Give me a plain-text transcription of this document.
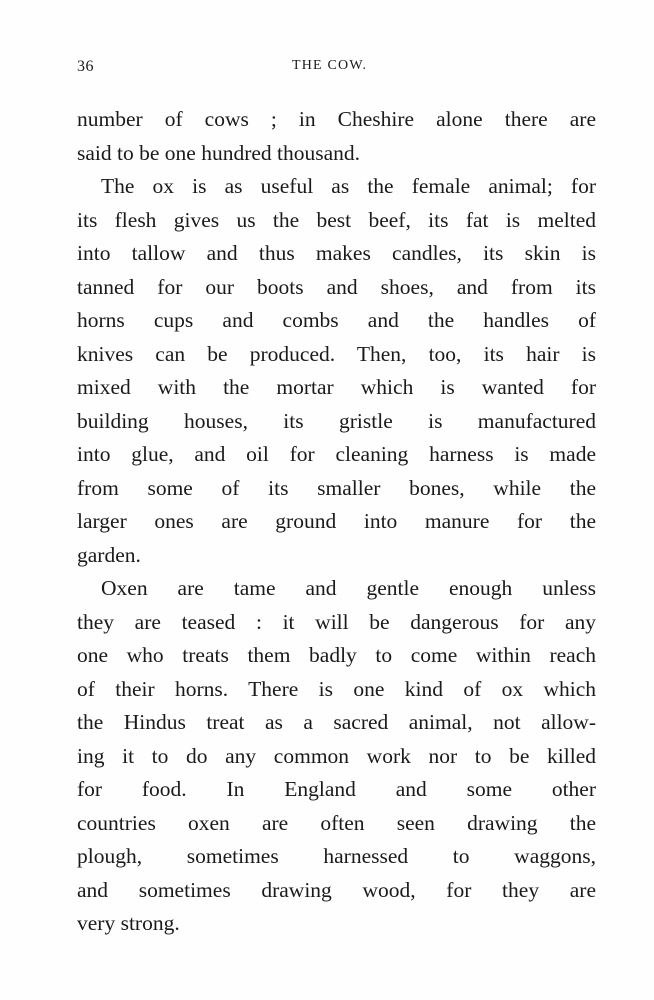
36	THE COW.
number of cows ; in Cheshire alone there are
said to be one hundred thousand.
The ox is as useful as the female animal; for
its flesh gives us the best beef, its fat is melted
into tallow and thus makes candles, its skin is
tanned for our boots and shoes, and from its
horns cups and combs and the handles of
knives can be produced. Then, too, its hair is
mixed with the mortar which is wanted for
building houses, its gristle is manufactured
into glue, and oil for cleaning harness is made
from some of its smaller bones, while the
larger ones are ground into manure for the
garden.
Oxen are tame and gentle enough unless
they are teased : it will be dangerous for any
one who treats them badly to come within reach
of their horns. There is one kind of ox which
the Hindus treat as a sacred animal, not allow-
ing it to do any common work nor to be killed
for food. In England and some other
countries oxen are often seen drawing the
plough, sometimes harnessed to waggons,
and sometimes drawing wood, for they are
very strong.
